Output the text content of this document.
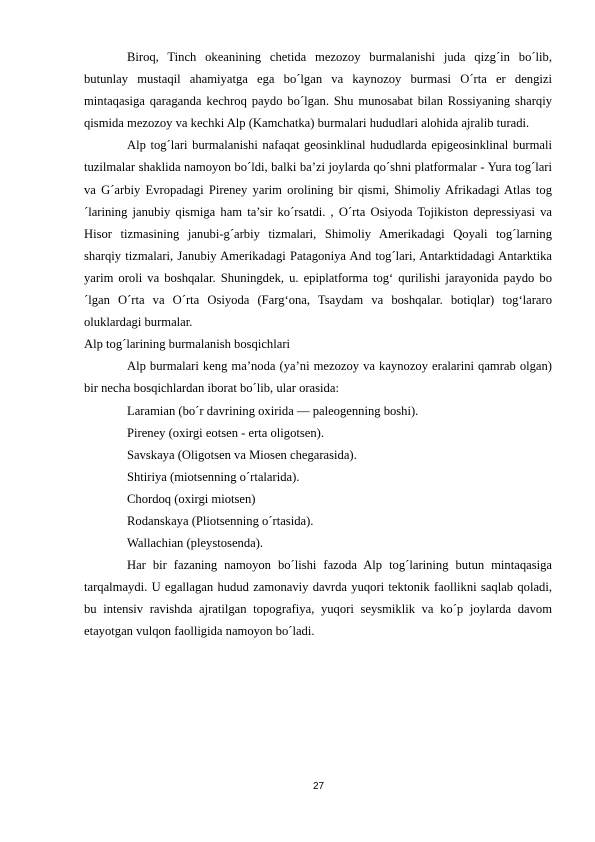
Biroq, Tinch okeanining chetida mezozoy burmalanishi juda qizg´in bo´lib, butunlay mustaqil ahamiyatga ega bo´lgan va kaynozoy burmasi O´rta er dengizi mintaqasiga qaraganda kechroq paydo bo´lgan. Shu munosabat bilan Rossiyaning sharqiy qismida mezozoy va kechki Alp (Kamchatka) burmalari hududlari alohida ajralib turadi.

Alp tog´lari burmalanishi nafaqat geosinklinal hududlarda epigeosinklinal burmali tuzilmalar shaklida namoyon bo´ldi, balki ba’zi joylarda qo´shni platformalar - Yura tog´lari va G´arbiy Evropadagi Pireney yarim orolining bir qismi, Shimoliy Afrikadagi Atlas tog´larining janubiy qismiga ham ta’sir ko´rsatdi. , O´rta Osiyoda Tojikiston depressiyasi va Hisor tizmasining janubi-g´arbiy tizmalari, Shimoliy Amerikadagi Qoyali tog´larning sharqiy tizmalari, Janubiy Amerikadagi Patagoniya And tog´lari, Antarktidadagi Antarktika yarim oroli va boshqalar. Shuningdek, u. epiplatforma tog‘ qurilishi jarayonida paydo bo´lgan O´rta va O´rta Osiyoda (Farg‘ona, Tsaydam va boshqalar. botiqlar) tog‘lararo oluklardagi burmalar.

Alp tog´larining burmalanish bosqichlari

Alp burmalari keng ma’noda (ya’ni mezozoy va kaynozoy eralarini qamrab olgan) bir necha bosqichlardan iborat bo´lib, ular orasida:

Laramian (bo´r davrining oxirida — paleogenning boshi).

Pireney (oxirgi eotsen - erta oligotsen).

Savskaya (Oligotsen va Miosen chegarasida).

Shtiriya (miotsenning o´rtalarida).

Chordoq (oxirgi miotsen)

Rodanskaya (Pliotsenning o´rtasida).

Wallachian (pleystosenda).

Har bir fazaning namoyon bo´lishi fazoda Alp tog´larining butun mintaqasiga tarqalmaydi. U egallagan hudud zamonaviy davrda yuqori tektonik faollikni saqlab qoladi, bu intensiv ravishda ajratilgan topografiya, yuqori seysmiklik va ko´p joylarda davom etayotgan vulqon faolligida namoyon bo´ladi.

27
